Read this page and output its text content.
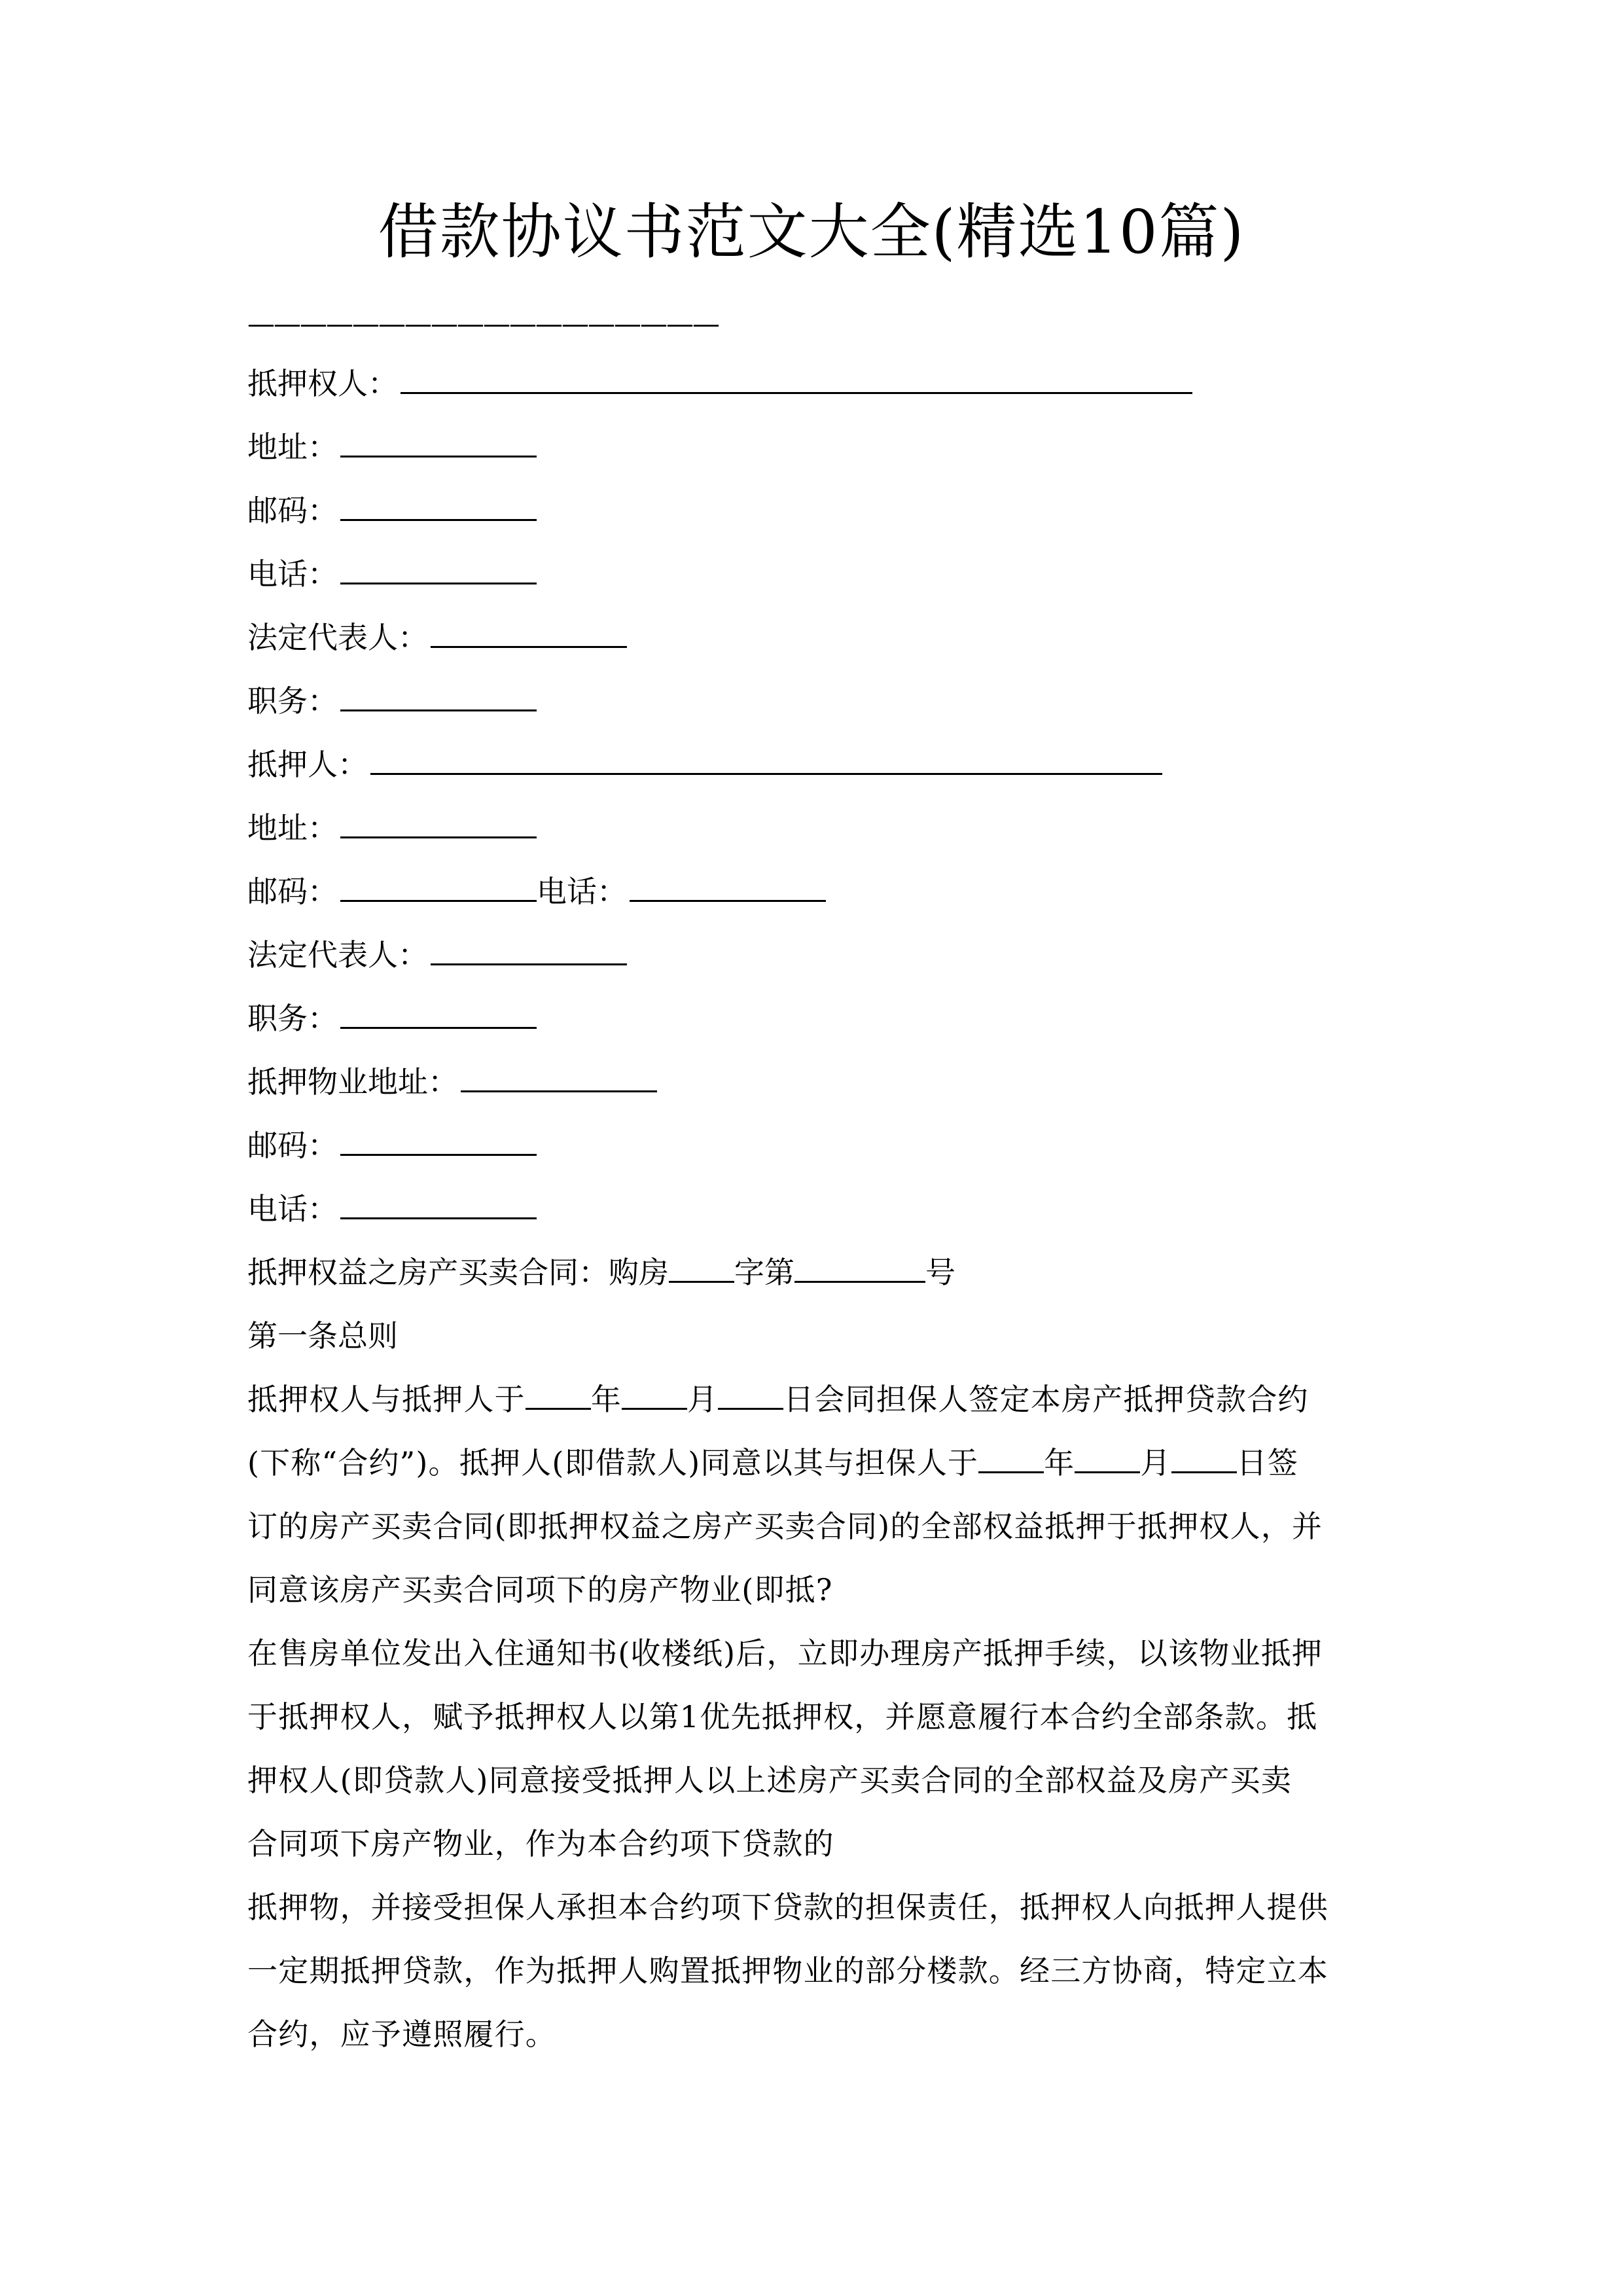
借款协议书范文大全(精选10篇)
——————————————————
抵押权人：
地址：
邮码：
电话：
法定代表人：
职务：
抵押人：
地址：
邮码：	电话：
法定代表人：
职务：
抵押物业地址：
邮码：
电话：
抵押权益之房产买卖合同：购房 字第	号
第一条总则
抵押权人与抵押人于 年 月 日会同担保人签定本房产抵押贷款合约
(下称“合约”)。抵押人(即借款人)同意以其与担保人于 年 月 日签
订的房产买卖合同(即抵押权益之房产买卖合同)的全部权益抵押于抵押权人，并
同意该房产买卖合同项下的房产物业(即抵?
在售房单位发出入住通知书(收楼纸)后，立即办理房产抵押手续，以该物业抵押
于抵押权人，赋予抵押权人以第1优先抵押权，并愿意履行本合约全部条款。抵
押权人(即贷款人)同意接受抵押人以上述房产买卖合同的全部权益及房产买卖
合同项下房产物业，作为本合约项下贷款的
抵押物，并接受担保人承担本合约项下贷款的担保责任，抵押权人向抵押人提供
一定期抵押贷款，作为抵押人购置抵押物业的部分楼款。经三方协商，特定立本
合约，应予遵照履行。
